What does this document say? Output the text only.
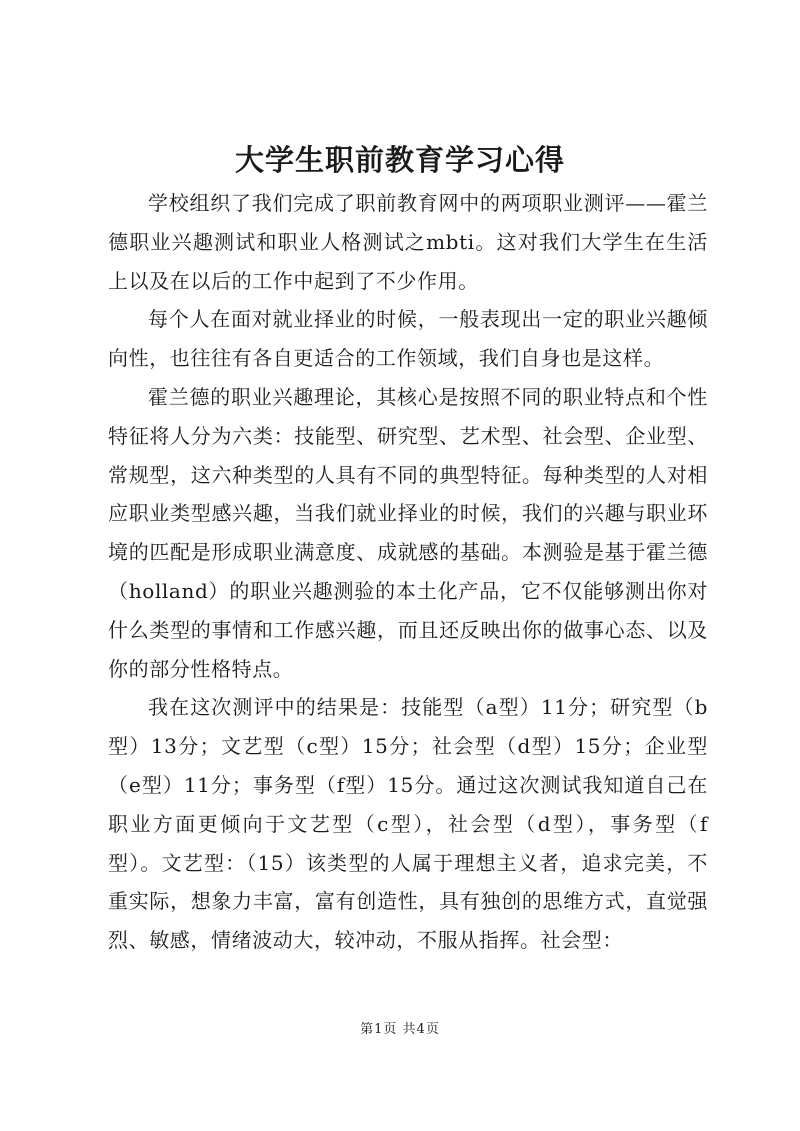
大学生职前教育学习心得

学校组织了我们完成了职前教育网中的两项职业测评——霍兰德职业兴趣测试和职业人格测试之mbti。这对我们大学生在生活上以及在以后的工作中起到了不少作用。

每个人在面对就业择业的时候，一般表现出一定的职业兴趣倾向性，也往往有各自更适合的工作领域，我们自身也是这样。

霍兰德的职业兴趣理论，其核心是按照不同的职业特点和个性特征将人分为六类：技能型、研究型、艺术型、社会型、企业型、常规型，这六种类型的人具有不同的典型特征。每种类型的人对相应职业类型感兴趣，当我们就业择业的时候，我们的兴趣与职业环境的匹配是形成职业满意度、成就感的基础。本测验是基于霍兰德（holland）的职业兴趣测验的本土化产品，它不仅能够测出你对什么类型的事情和工作感兴趣，而且还反映出你的做事心态、以及你的部分性格特点。

我在这次测评中的结果是：技能型（a型）11分；研究型（b型）13分；文艺型（c型）15分；社会型（d型）15分；企业型（e型）11分；事务型（f型）15分。通过这次测试我知道自己在职业方面更倾向于文艺型（c型），社会型（d型），事务型（f型）。文艺型：（15）该类型的人属于理想主义者，追求完美，不重实际，想象力丰富，富有创造性，具有独创的思维方式，直觉强烈、敏感，情绪波动大，较冲动，不服从指挥。社会型：

第1页 共4页
